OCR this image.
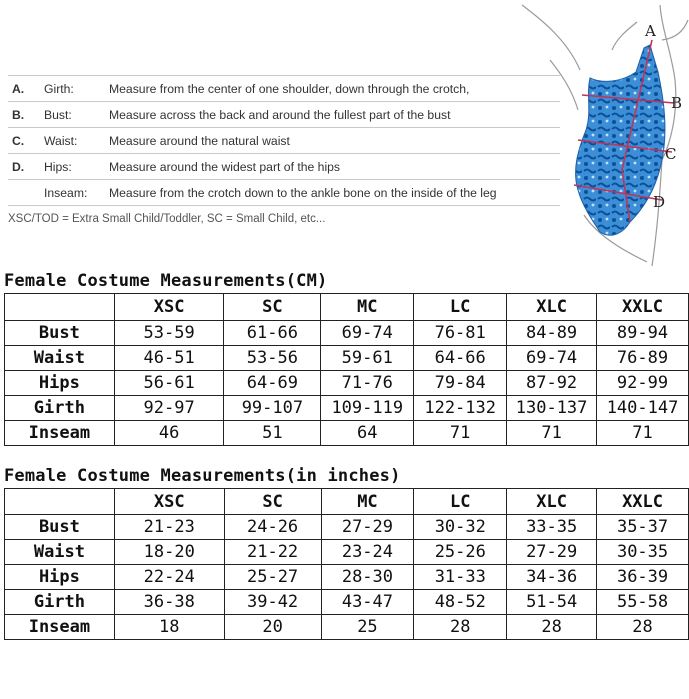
A. Girth:	Measure from the center of one shoulder, down through the crotch,
B. Bust:	Measure across the back and around the fullest part of the bust
C. Waist:	Measure around the natural waist
D. Hips:	Measure around the widest part of the hips
Inseam: Measure from the crotch down to the ankle bone on the inside of the leg
XSC/TOD = Extra Small Child/Toddler, SC = Small Child, etc...
A
B
C
D
Female Costume Measurements(CM)
	XSC	SC	MC	LC	XLC	XXLC
Bust	53-59	61-66	69-74	76-81	84-89	89-94
Waist	46-51	53-56	59-61	64-66	69-74	76-89
Hips	56-61	64-69	71-76	79-84	87-92	92-99
Girth	92-97	99-107	109-119	122-132	130-137	140-147
Inseam	46	51	64	71	71	71
Female Costume Measurements(in inches)
	XSC	SC	MC	LC	XLC	XXLC
Bust	21-23	24-26	27-29	30-32	33-35	35-37
Waist	18-20	21-22	23-24	25-26	27-29	30-35
Hips	22-24	25-27	28-30	31-33	34-36	36-39
Girth	36-38	39-42	43-47	48-52	51-54	55-58
Inseam	18	20	25	28	28	28
